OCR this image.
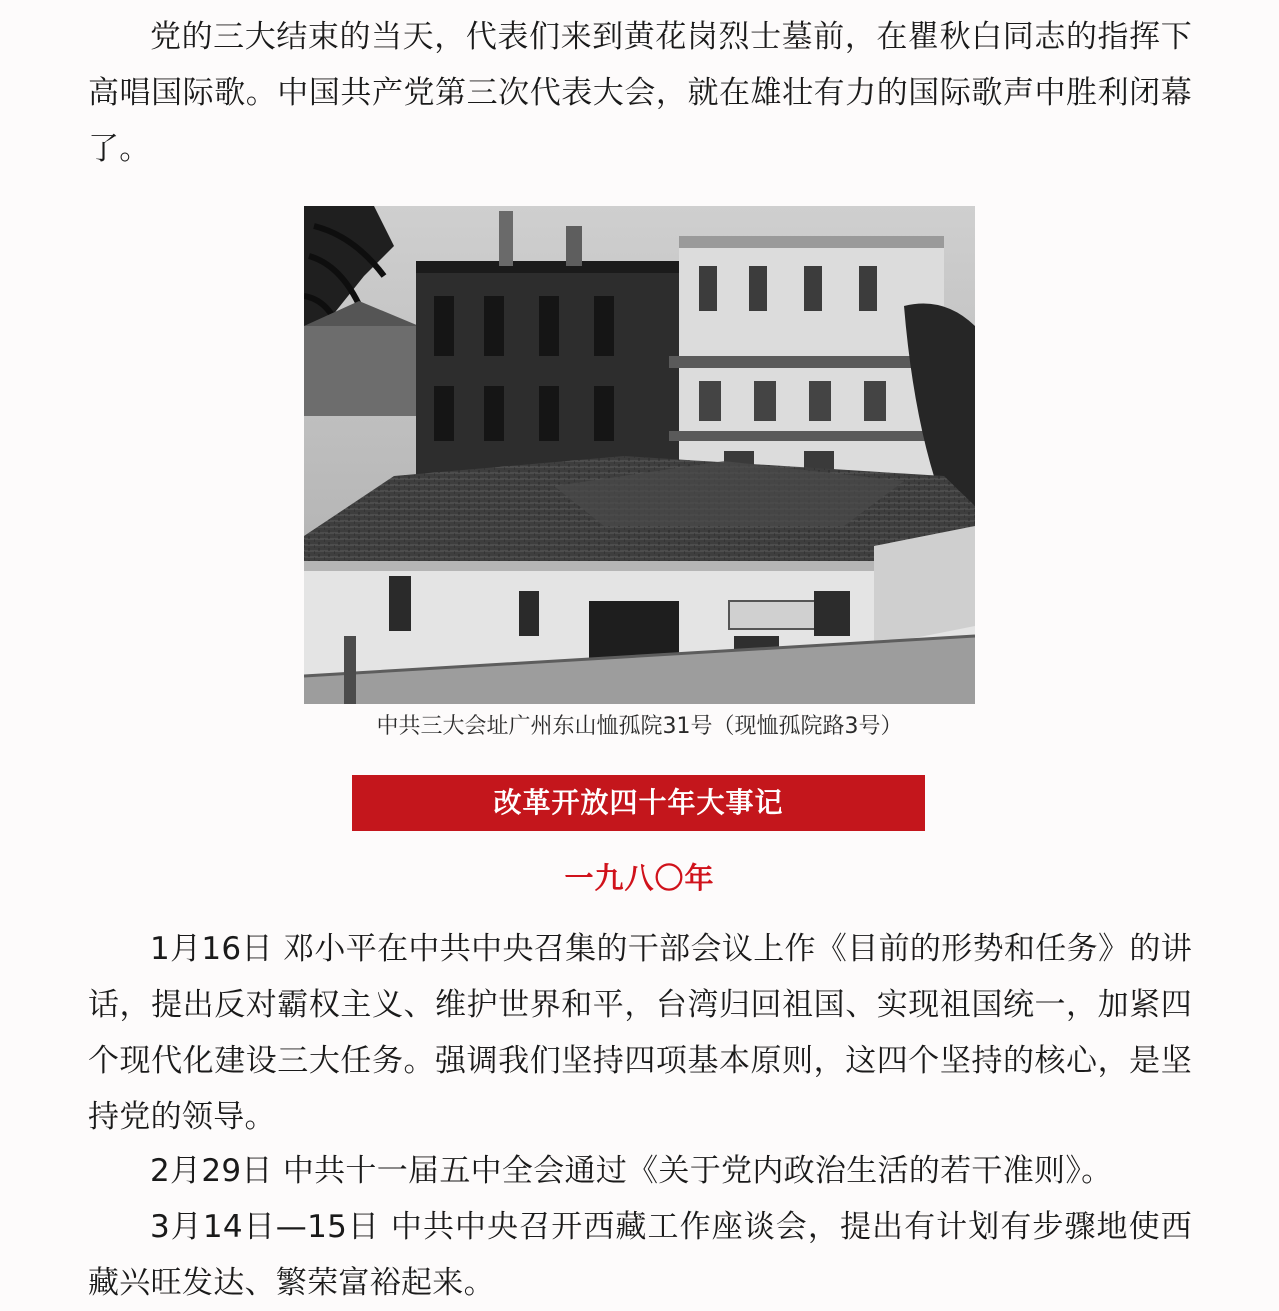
党的三大结束的当天，代表们来到黄花岗烈士墓前，在瞿秋白同志的指挥下高唱国际歌。中国共产党第三次代表大会，就在雄壮有力的国际歌声中胜利闭幕了。

中共三大会址广州东山恤孤院31号（现恤孤院路3号）
改革开放四十年大事记
一九八〇年

1月16日 邓小平在中共中央召集的干部会议上作《目前的形势和任务》的讲话，提出反对霸权主义、维护世界和平，台湾归回祖国、实现祖国统一，加紧四个现代化建设三大任务。强调我们坚持四项基本原则，这四个坚持的核心，是坚持党的领导。

2月29日 中共十一届五中全会通过《关于党内政治生活的若干准则》。

3月14日—15日 中共中央召开西藏工作座谈会，提出有计划有步骤地使西藏兴旺发达、繁荣富裕起来。
